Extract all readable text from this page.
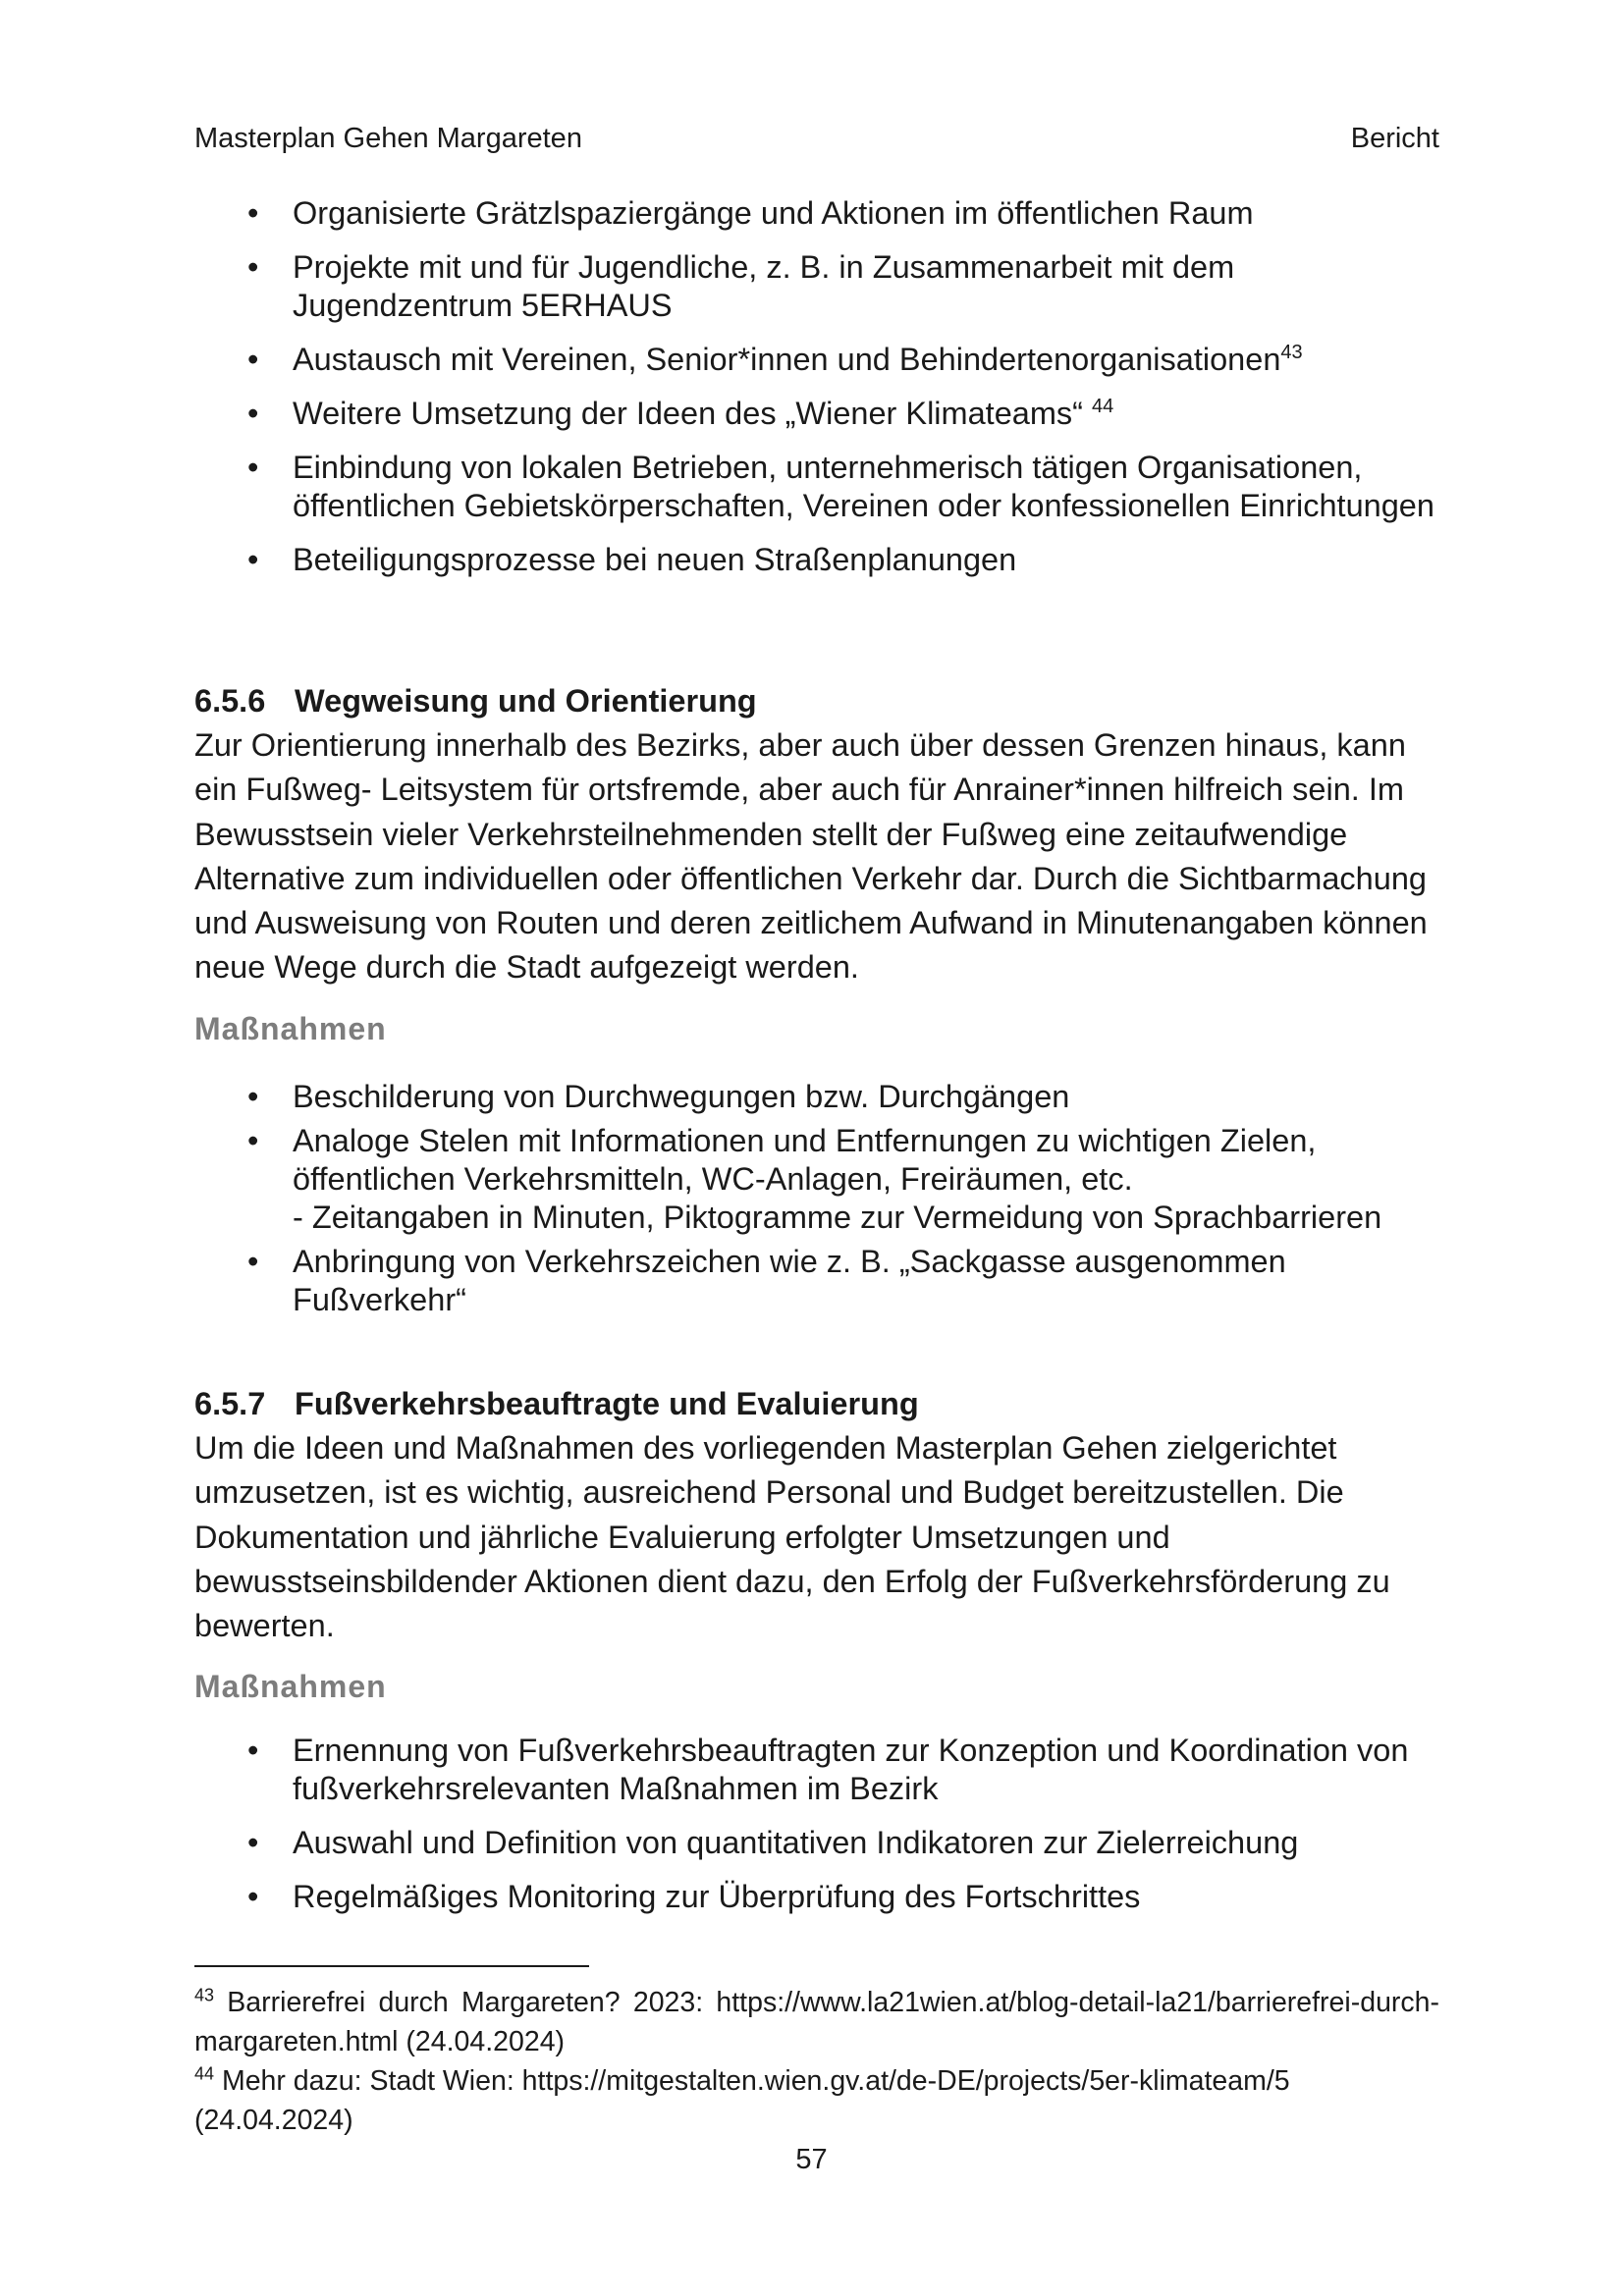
Masterplan Gehen Margareten	Bericht
• Organisierte Grätzlspaziergänge und Aktionen im öffentlichen Raum
• Projekte mit und für Jugendliche, z. B. in Zusammenarbeit mit dem Jugendzentrum 5ERHAUS
• Austausch mit Vereinen, Senior*innen und Behindertenorganisationen$^{43}$
• Weitere Umsetzung der Ideen des „Wiener Klimateams“ $^{44}$
• Einbindung von lokalen Betrieben, unternehmerisch tätigen Organisationen, öffentlichen Gebietskörperschaften, Vereinen oder konfessionellen Einrichtungen
• Beteiligungsprozesse bei neuen Straßenplanungen
6.5.6 Wegweisung und Orientierung

Zur Orientierung innerhalb des Bezirks, aber auch über dessen Grenzen hinaus, kann ein Fußweg- Leitsystem für ortsfremde, aber auch für Anrainer*innen hilfreich sein. Im Bewusstsein vieler Verkehrsteilnehmenden stellt der Fußweg eine zeitaufwendige Alternative zum individuellen oder öffentlichen Verkehr dar. Durch die Sichtbarmachung und Ausweisung von Routen und deren zeitlichem Aufwand in Minutenangaben können neue Wege durch die Stadt aufgezeigt werden.

Maßnahmen
• Beschilderung von Durchwegungen bzw. Durchgängen
• Analoge Stelen mit Informationen und Entfernungen zu wichtigen Zielen, öffentlichen Verkehrsmitteln, WC-Anlagen, Freiräumen, etc.
- Zeitangaben in Minuten, Piktogramme zur Vermeidung von Sprachbarrieren
• Anbringung von Verkehrszeichen wie z. B. „Sackgasse ausgenommen Fußverkehr“
6.5.7 Fußverkehrsbeauftragte und Evaluierung

Um die Ideen und Maßnahmen des vorliegenden Masterplan Gehen zielgerichtet umzusetzen, ist es wichtig, ausreichend Personal und Budget bereitzustellen. Die Dokumentation und jährliche Evaluierung erfolgter Umsetzungen und bewusstseinsbildender Aktionen dient dazu, den Erfolg der Fußverkehrsförderung zu bewerten.

Maßnahmen
• Ernennung von Fußverkehrsbeauftragten zur Konzeption und Koordination von fußverkehrsrelevanten Maßnahmen im Bezirk
• Auswahl und Definition von quantitativen Indikatoren zur Zielerreichung
• Regelmäßiges Monitoring zur Überprüfung des Fortschrittes
$^{43}$ Barrierefrei durch Margareten? 2023: https://www.la21wien.at/blog-detail-la21/barrierefrei-durch-margareten.html (24.04.2024)
$^{44}$ Mehr dazu: Stadt Wien: https://mitgestalten.wien.gv.at/de-DE/projects/5er-klimateam/5 (24.04.2024)
57
